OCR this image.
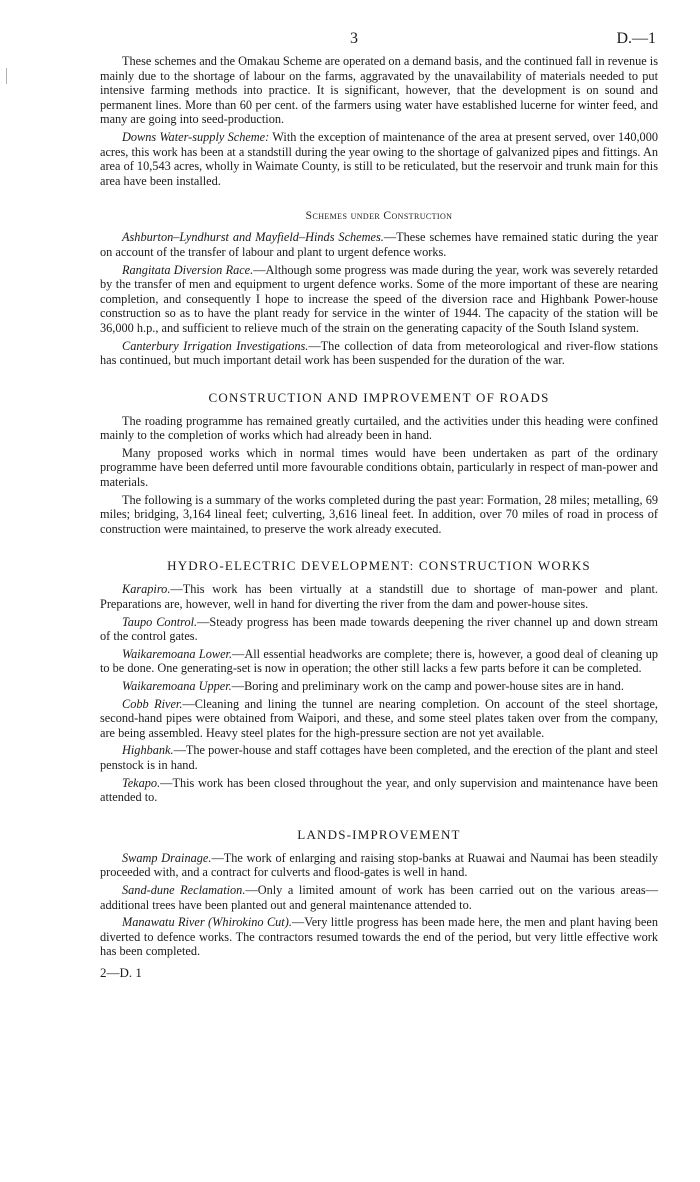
3	D.—1

These schemes and the Omakau Scheme are operated on a demand basis, and the continued fall in revenue is mainly due to the shortage of labour on the farms, aggravated by the unavailability of materials needed to put intensive farming methods into practice. It is significant, however, that the development is on sound and permanent lines. More than 60 per cent. of the farmers using water have established lucerne for winter feed, and many are going into seed-production.

Downs Water-supply Scheme: With the exception of maintenance of the area at present served, over 140,000 acres, this work has been at a standstill during the year owing to the shortage of galvanized pipes and fittings. An area of 10,543 acres, wholly in Waimate County, is still to be reticulated, but the reservoir and trunk main for this area have been installed.

Schemes under Construction

Ashburton–Lyndhurst and Mayfield–Hinds Schemes.—These schemes have remained static during the year on account of the transfer of labour and plant to urgent defence works.

Rangitata Diversion Race.—Although some progress was made during the year, work was severely retarded by the transfer of men and equipment to urgent defence works. Some of the more important of these are nearing completion, and consequently I hope to increase the speed of the diversion race and Highbank Power-house construction so as to have the plant ready for service in the winter of 1944. The capacity of the station will be 36,000 h.p., and sufficient to relieve much of the strain on the generating capacity of the South Island system.

Canterbury Irrigation Investigations.—The collection of data from meteorological and river-flow stations has continued, but much important detail work has been suspended for the duration of the war.

CONSTRUCTION AND IMPROVEMENT OF ROADS

The roading programme has remained greatly curtailed, and the activities under this heading were confined mainly to the completion of works which had already been in hand.

Many proposed works which in normal times would have been undertaken as part of the ordinary programme have been deferred until more favourable conditions obtain, particularly in respect of man-power and materials.

The following is a summary of the works completed during the past year: Formation, 28 miles; metalling, 69 miles; bridging, 3,164 lineal feet; culverting, 3,616 lineal feet. In addition, over 70 miles of road in process of construction were maintained, to preserve the work already executed.

HYDRO-ELECTRIC DEVELOPMENT: CONSTRUCTION WORKS

Karapiro.—This work has been virtually at a standstill due to shortage of man-power and plant. Preparations are, however, well in hand for diverting the river from the dam and power-house sites.

Taupo Control.—Steady progress has been made towards deepening the river channel up and down stream of the control gates.

Waikaremoana Lower.—All essential headworks are complete; there is, however, a good deal of cleaning up to be done. One generating-set is now in operation; the other still lacks a few parts before it can be completed.

Waikaremoana Upper.—Boring and preliminary work on the camp and power-house sites are in hand.

Cobb River.—Cleaning and lining the tunnel are nearing completion. On account of the steel shortage, second-hand pipes were obtained from Waipori, and these, and some steel plates taken over from the company, are being assembled. Heavy steel plates for the high-pressure section are not yet available.

Highbank.—The power-house and staff cottages have been completed, and the erection of the plant and steel penstock is in hand.

Tekapo.—This work has been closed throughout the year, and only supervision and maintenance have been attended to.

LANDS-IMPROVEMENT

Swamp Drainage.—The work of enlarging and raising stop-banks at Ruawai and Naumai has been steadily proceeded with, and a contract for culverts and flood-gates is well in hand.

Sand-dune Reclamation.—Only a limited amount of work has been carried out on the various areas—additional trees have been planted out and general maintenance attended to.

Manawatu River (Whirokino Cut).—Very little progress has been made here, the men and plant having been diverted to defence works. The contractors resumed towards the end of the period, but very little effective work has been completed.

2—D. 1
